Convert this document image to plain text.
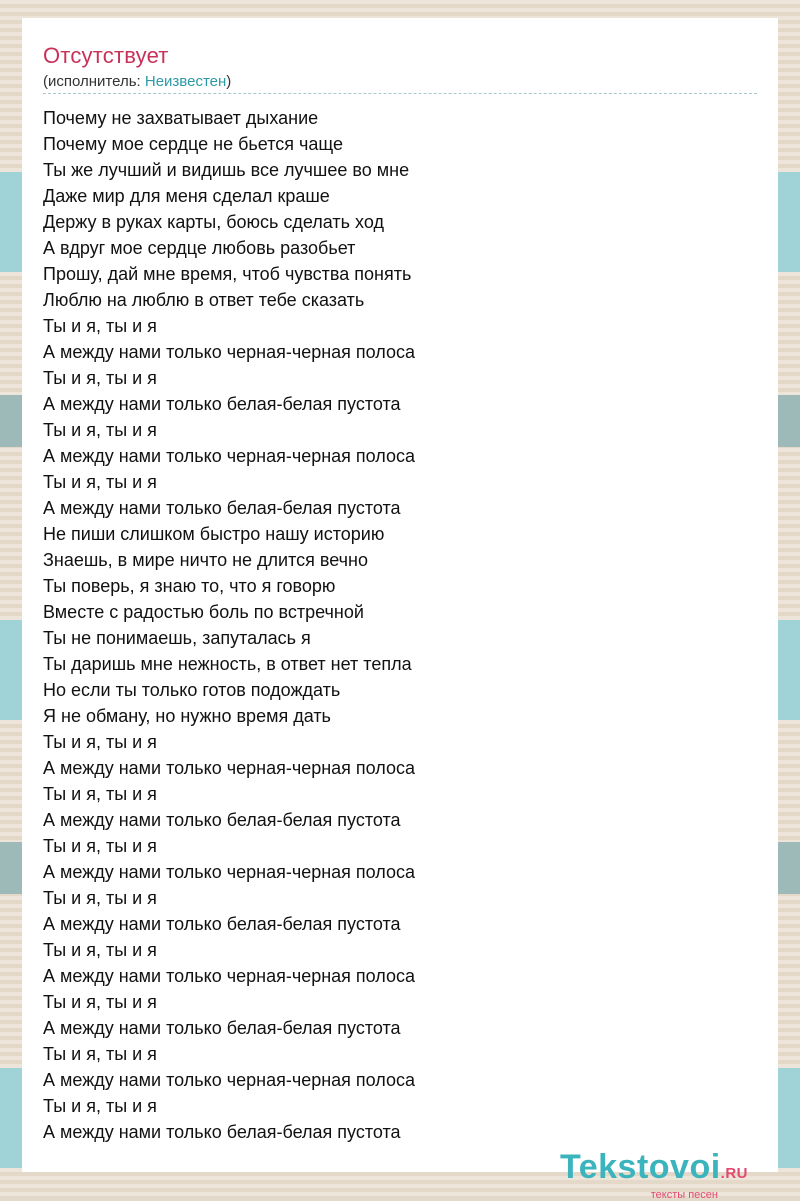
Отсутствует
(исполнитель: Неизвестен)
Почему не захватывает дыхание
Почему мое сердце не бьется чаще
Ты же лучший и видишь все лучшее во мне
Даже мир для меня сделал краше
Держу в руках карты, боюсь сделать ход
А вдруг мое сердце любовь разобьет
Прошу, дай мне время, чтоб чувства понять
Люблю на люблю в ответ тебе сказать
Ты и я, ты и я
А между нами только черная-черная полоса
Ты и я, ты и я
А между нами только белая-белая пустота
Ты и я, ты и я
А между нами только черная-черная полоса
Ты и я, ты и я
А между нами только белая-белая пустота
Не пиши слишком быстро нашу историю
Знаешь, в мире ничто не длится вечно
Ты поверь, я знаю то, что я говорю
Вместе с радостью боль по встречной
Ты не понимаешь, запуталась я
Ты даришь мне нежность, в ответ нет тепла
Но если ты только готов подождать
Я не обману, но нужно время дать
Ты и я, ты и я
А между нами только черная-черная полоса
Ты и я, ты и я
А между нами только белая-белая пустота
Ты и я, ты и я
А между нами только черная-черная полоса
Ты и я, ты и я
А между нами только белая-белая пустота
Ты и я, ты и я
А между нами только черная-черная полоса
Ты и я, ты и я
А между нами только белая-белая пустота
Ты и я, ты и я
А между нами только черная-черная полоса
Ты и я, ты и я
А между нами только белая-белая пустота
Tekstovoi.RU
тексты песен
